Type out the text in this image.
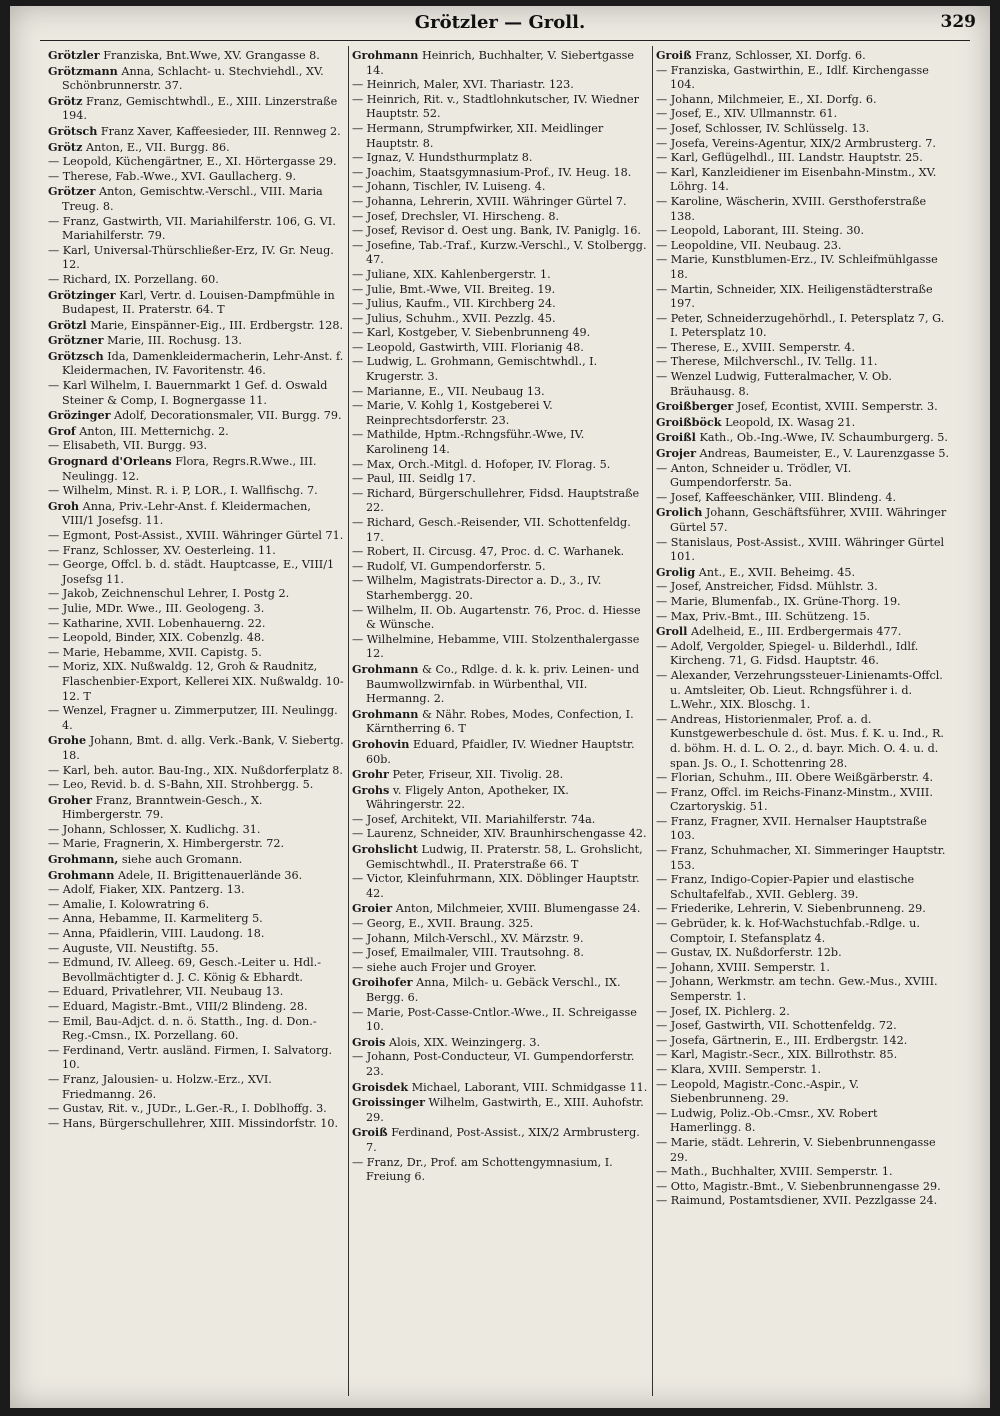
Grötzler — Groll.	329

Grötzler Franziska, Bnt.Wwe, XV. Grangasse 8.

Grötzmann Anna, Schlacht- u. Stechviehdl., XV. Schönbrunnerstr. 37.

Grötz Franz, Gemischtwhdl., E., XIII. Linzerstraße 194.

Grötsch Franz Xaver, Kaffeesieder, III. Rennweg 2.

Grötz Anton, E., VII. Burgg. 86.

— Leopold, Küchengärtner, E., XI. Hörtergasse 29.

— Therese, Fab.-Wwe., XVI. Gaullacherg. 9.

Grötzer Anton, Gemischtw.-Verschl., VIII. Maria Treug. 8.

— Franz, Gastwirth, VII. Mariahilferstr. 106, G. VI. Mariahilferstr. 79.

— Karl, Universal-Thürschließer-Erz, IV. Gr. Neug. 12.

— Richard, IX. Porzellang. 60.

Grötzinger Karl, Vertr. d. Louisen-Dampfmühle in Budapest, II. Praterstr. 64. T

Grötzl Marie, Einspänner-Eig., III. Erdbergstr. 128.

Grötzner Marie, III. Rochusg. 13.

Grötzsch Ida, Damenkleidermacherin, Lehr-Anst. f. Kleidermachen, IV. Favoritenstr. 46.

— Karl Wilhelm, I. Bauernmarkt 1 Gef. d. Oswald Steiner & Comp, I. Bognergasse 11.

Grözinger Adolf, Decorationsmaler, VII. Burgg. 79.

Grof Anton, III. Metternichg. 2.

— Elisabeth, VII. Burgg. 93.

Grognard d'Orleans Flora, Regrs.R.Wwe., III. Neulingg. 12.

— Wilhelm, Minst. R. i. P, LOR., I. Wallfischg. 7.

Groh Anna, Priv.-Lehr-Anst. f. Kleidermachen, VIII/1 Josefsg. 11.

— Egmont, Post-Assist., XVIII. Währinger Gürtel 71.

— Franz, Schlosser, XV. Oesterleing. 11.

— George, Offcl. b. d. städt. Hauptcasse, E., VIII/1 Josefsg 11.

— Jakob, Zeichnenschul Lehrer, I. Postg 2.

— Julie, MDr. Wwe., III. Geologeng. 3.

— Katharine, XVII. Lobenhauerng. 22.

— Leopold, Binder, XIX. Cobenzlg. 48.

— Marie, Hebamme, XVII. Capistg. 5.

— Moriz, XIX. Nußwaldg. 12, Groh & Raudnitz, Flaschenbier-Export, Kellerei XIX. Nußwaldg. 10-12. T

— Wenzel, Fragner u. Zimmerputzer, III. Neulingg. 4.

Grohe Johann, Bmt. d. allg. Verk.-Bank, V. Siebertg. 18.

— Karl, beh. autor. Bau-Ing., XIX. Nußdorferplatz 8.

— Leo, Revid. b. d. S-Bahn, XII. Strohbergg. 5.

Groher Franz, Branntwein-Gesch., X. Himbergerstr. 79.

— Johann, Schlosser, X. Kudlichg. 31.

— Marie, Fragnerin, X. Himbergerstr. 72.

Grohmann, siehe auch Gromann.

Grohmann Adele, II. Brigittenauerlände 36.

— Adolf, Fiaker, XIX. Pantzerg. 13.

— Amalie, I. Kolowratring 6.

— Anna, Hebamme, II. Karmeliterg 5.

— Anna, Pfaidlerin, VIII. Laudong. 18.

— Auguste, VII. Neustiftg. 55.

— Edmund, IV. Alleeg. 69, Gesch.-Leiter u. Hdl.-Bevollmächtigter d. J. C. König & Ebhardt.

— Eduard, Privatlehrer, VII. Neubaug 13.

— Eduard, Magistr.-Bmt., VIII/2 Blindeng. 28.

— Emil, Bau-Adjct. d. n. ö. Statth., Ing. d. Don.-Reg.-Cmsn., IX. Porzellang. 60.

— Ferdinand, Vertr. ausländ. Firmen, I. Salvatorg. 10.

— Franz, Jalousien- u. Holzw.-Erz., XVI. Friedmanng. 26.

— Gustav, Rit. v., JUDr., L.Ger.-R., I. Doblhoffg. 3.

— Hans, Bürgerschullehrer, XIII. Missindorfstr. 10.

Grohmann Heinrich, Buchhalter, V. Siebertgasse 14.

— Heinrich, Maler, XVI. Thariastr. 123.

— Heinrich, Rit. v., Stadtlohnkutscher, IV. Wiedner Hauptstr. 52.

— Hermann, Strumpfwirker, XII. Meidlinger Hauptstr. 8.

— Ignaz, V. Hundsthurmplatz 8.

— Joachim, Staatsgymnasium-Prof., IV. Heug. 18.

— Johann, Tischler, IV. Luiseng. 4.

— Johanna, Lehrerin, XVIII. Währinger Gürtel 7.

— Josef, Drechsler, VI. Hirscheng. 8.

— Josef, Revisor d. Oest ung. Bank, IV. Paniglg. 16.

— Josefine, Tab.-Traf., Kurzw.-Verschl., V. Stolbergg. 47.

— Juliane, XIX. Kahlenbergerstr. 1.

— Julie, Bmt.-Wwe, VII. Breiteg. 19.

— Julius, Kaufm., VII. Kirchberg 24.

— Julius, Schuhm., XVII. Pezzlg. 45.

— Karl, Kostgeber, V. Siebenbrunneng 49.

— Leopold, Gastwirth, VIII. Florianig 48.

— Ludwig, L. Grohmann, Gemischtwhdl., I. Krugerstr. 3.

— Marianne, E., VII. Neubaug 13.

— Marie, V. Kohlg 1, Kostgeberei V. Reinprechtsdorferstr. 23.

— Mathilde, Hptm.-Rchngsführ.-Wwe, IV. Karolineng 14.

— Max, Orch.-Mitgl. d. Hofoper, IV. Florag. 5.

— Paul, III. Seidlg 17.

— Richard, Bürgerschullehrer, Fidsd. Hauptstraße 22.

— Richard, Gesch.-Reisender, VII. Schottenfeldg. 17.

— Robert, II. Circusg. 47, Proc. d. C. Warhanek.

— Rudolf, VI. Gumpendorferstr. 5.

— Wilhelm, Magistrats-Director a. D., 3., IV. Starhembergg. 20.

— Wilhelm, II. Ob. Augartenstr. 76, Proc. d. Hiesse & Wünsche.

— Wilhelmine, Hebamme, VIII. Stolzenthalergasse 12.

Grohmann & Co., Rdlge. d. k. k. priv. Leinen- und Baumwollzwirnfab. in Würbenthal, VII. Hermanng. 2.

Grohmann & Nähr. Robes, Modes, Confection, I. Kärntherring 6. T

Grohovin Eduard, Pfaidler, IV. Wiedner Hauptstr. 60b.

Grohr Peter, Friseur, XII. Tivolig. 28.

Grohs v. Fligely Anton, Apotheker, IX. Währingerstr. 22.

— Josef, Architekt, VII. Mariahilferstr. 74a.

— Laurenz, Schneider, XIV. Braunhirschengasse 42.

Grohslicht Ludwig, II. Praterstr. 58, L. Grohslicht, Gemischtwhdl., II. Praterstraße 66. T

— Victor, Kleinfuhrmann, XIX. Döblinger Hauptstr. 42.

Groier Anton, Milchmeier, XVIII. Blumengasse 24.

— Georg, E., XVII. Braung. 325.

— Johann, Milch-Verschl., XV. Märzstr. 9.

— Josef, Emailmaler, VIII. Trautsohng. 8.

— siehe auch Frojer und Groyer.

Groihofer Anna, Milch- u. Gebäck Verschl., IX. Bergg. 6.

— Marie, Post-Casse-Cntlor.-Wwe., II. Schreigasse 10.

Grois Alois, XIX. Weinzingerg. 3.

— Johann, Post-Conducteur, VI. Gumpendorferstr. 23.

Groisdek Michael, Laborant, VIII. Schmidgasse 11.

Groissinger Wilhelm, Gastwirth, E., XIII. Auhofstr. 29.

Groiß Ferdinand, Post-Assist., XIX/2 Armbrusterg. 7.

— Franz, Dr., Prof. am Schottengymnasium, I. Freiung 6.

Groiß Franz, Schlosser, XI. Dorfg. 6.

— Franziska, Gastwirthin, E., Idlf. Kirchengasse 104.

— Johann, Milchmeier, E., XI. Dorfg. 6.

— Josef, E., XIV. Ullmannstr. 61.

— Josef, Schlosser, IV. Schlüsselg. 13.

— Josefa, Vereins-Agentur, XIX/2 Armbrusterg. 7.

— Karl, Geflügelhdl., III. Landstr. Hauptstr. 25.

— Karl, Kanzleidiener im Eisenbahn-Minstm., XV. Löhrg. 14.

— Karoline, Wäscherin, XVIII. Gersthoferstraße 138.

— Leopold, Laborant, III. Steing. 30.

— Leopoldine, VII. Neubaug. 23.

— Marie, Kunstblumen-Erz., IV. Schleifmühlgasse 18.

— Martin, Schneider, XIX. Heiligenstädterstraße 197.

— Peter, Schneiderzugehörhdl., I. Petersplatz 7, G. I. Petersplatz 10.

— Therese, E., XVIII. Semperstr. 4.

— Therese, Milchverschl., IV. Tellg. 11.

— Wenzel Ludwig, Futteralmacher, V. Ob. Bräuhausg. 8.

Groißberger Josef, Econtist, XVIII. Semperstr. 3.

Groißböck Leopold, IX. Wasag 21.

Groißl Kath., Ob.-Ing.-Wwe, IV. Schaumburgerg. 5.

Grojer Andreas, Baumeister, E., V. Laurenzgasse 5.

— Anton, Schneider u. Trödler, VI. Gumpendorferstr. 5a.

— Josef, Kaffeeschänker, VIII. Blindeng. 4.

Grolich Johann, Geschäftsführer, XVIII. Währinger Gürtel 57.

— Stanislaus, Post-Assist., XVIII. Währinger Gürtel 101.

Grolig Ant., E., XVII. Beheimg. 45.

— Josef, Anstreicher, Fidsd. Mühlstr. 3.

— Marie, Blumenfab., IX. Grüne-Thorg. 19.

— Max, Priv.-Bmt., III. Schützeng. 15.

Groll Adelheid, E., III. Erdbergermais 477.

— Adolf, Vergolder, Spiegel- u. Bilderhdl., Idlf. Kircheng. 71, G. Fidsd. Hauptstr. 46.

— Alexander, Verzehrungssteuer-Linienamts-Offcl. u. Amtsleiter, Ob. Lieut. Rchngsführer i. d. L.Wehr., XIX. Bloschg. 1.

— Andreas, Historienmaler, Prof. a. d. Kunstgewerbeschule d. öst. Mus. f. K. u. Ind., R. d. böhm. H. d. L. O. 2., d. bayr. Mich. O. 4. u. d. span. Js. O., I. Schottenring 28.

— Florian, Schuhm., III. Obere Weißgärberstr. 4.

— Franz, Offcl. im Reichs-Finanz-Minstm., XVIII. Czartoryskig. 51.

— Franz, Fragner, XVII. Hernalser Hauptstraße 103.

— Franz, Schuhmacher, XI. Simmeringer Hauptstr. 153.

— Franz, Indigo-Copier-Papier und elastische Schultafelfab., XVII. Geblerg. 39.

— Friederike, Lehrerin, V. Siebenbrunneng. 29.

— Gebrüder, k. k. Hof-Wachstuchfab.-Rdlge. u. Comptoir, I. Stefansplatz 4.

— Gustav, IX. Nußdorferstr. 12b.

— Johann, XVIII. Semperstr. 1.

— Johann, Werkmstr. am techn. Gew.-Mus., XVIII. Semperstr. 1.

— Josef, IX. Pichlerg. 2.

— Josef, Gastwirth, VII. Schottenfeldg. 72.

— Josefa, Gärtnerin, E., III. Erdbergstr. 142.

— Karl, Magistr.-Secr., XIX. Billrothstr. 85.

— Klara, XVIII. Semperstr. 1.

— Leopold, Magistr.-Conc.-Aspir., V. Siebenbrunneng. 29.

— Ludwig, Poliz.-Ob.-Cmsr., XV. Robert Hamerlingg. 8.

— Marie, städt. Lehrerin, V. Siebenbrunnengasse 29.

— Math., Buchhalter, XVIII. Semperstr. 1.

— Otto, Magistr.-Bmt., V. Siebenbrunnengasse 29.

— Raimund, Postamtsdiener, XVII. Pezzlgasse 24.
